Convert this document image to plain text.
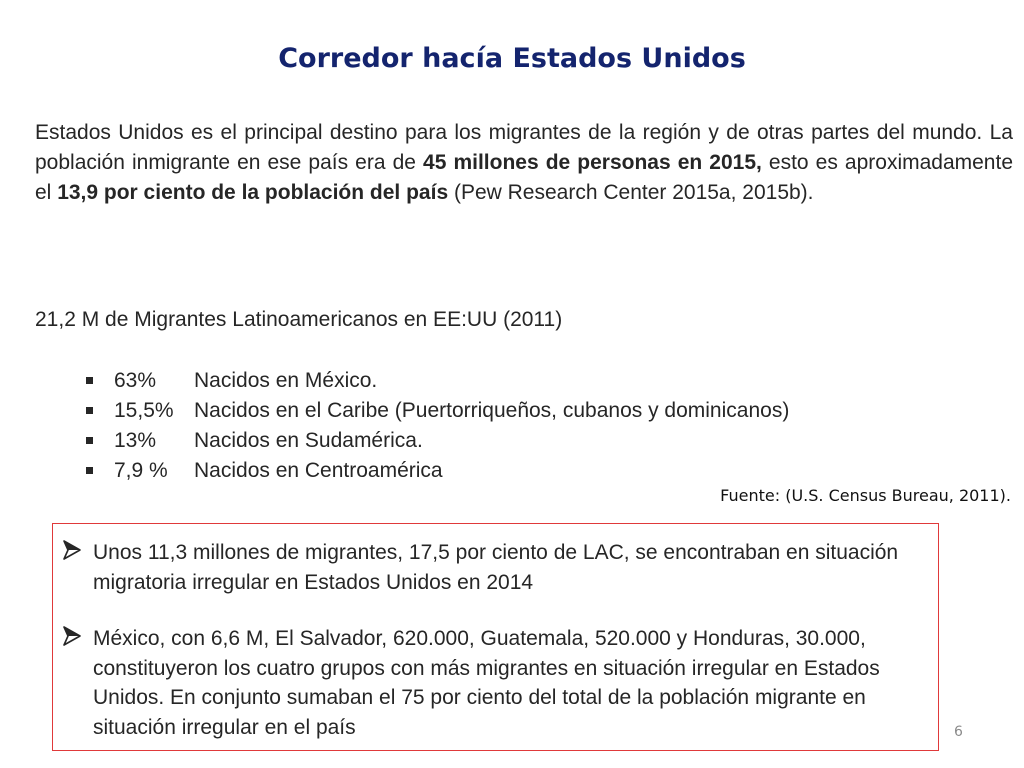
Corredor hacía Estados Unidos
Estados Unidos es el principal destino para los migrantes de la región y de otras partes del mundo. La población inmigrante en ese país era de 45 millones de personas en 2015, esto es aproximadamente el 13,9 por ciento de la población del país (Pew Research Center 2015a, 2015b).
21,2 M de Migrantes Latinoamericanos en EE:UU (2011)
63% Nacidos en México.
15,5% Nacidos en el Caribe (Puertorriqueños, cubanos y dominicanos)
13% Nacidos en Sudamérica.
7,9 % Nacidos en Centroamérica
Fuente: (U.S. Census Bureau, 2011).
Unos 11,3 millones de migrantes, 17,5 por ciento de LAC, se encontraban en situación migratoria irregular en Estados Unidos en 2014
México, con 6,6 M, El Salvador, 620.000, Guatemala, 520.000 y Honduras, 30.000, constituyeron los cuatro grupos con más migrantes en situación irregular en Estados Unidos. En conjunto sumaban el 75 por ciento del total de la población migrante en situación irregular en el país	6
